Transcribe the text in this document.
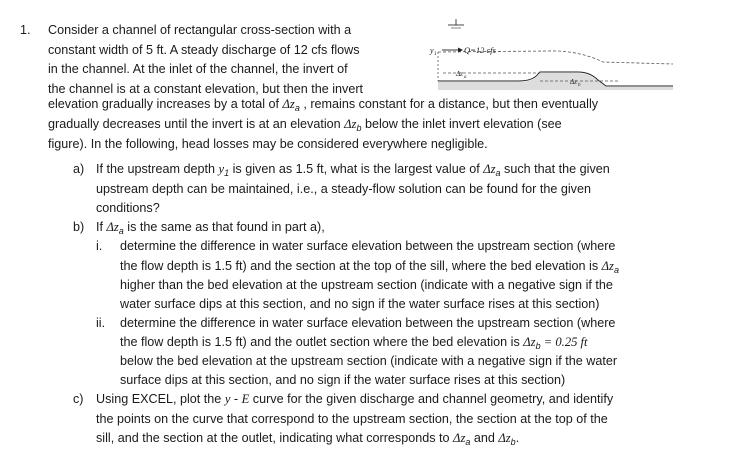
1. Consider a channel of rectangular cross-section with a
constant width of 5 ft. A steady discharge of 12 cfs flows
in the channel. At the inlet of the channel, the invert of
the channel is at a constant elevation, but then the invert
elevation gradually increases by a total of $\Delta z_a$ , remains constant for a distance, but then eventually
gradually decreases until the invert is at an elevation $\Delta z_b$ below the inlet invert elevation (see
figure). In the following, head losses may be considered everywhere negligible.
y 1	Q=12 cfs
Δz a
Δz b
a) If the upstream depth $y_1$ is given as 1.5 ft, what is the largest value of $\Delta z_a$ such that the given
upstream depth can be maintained, i.e., a steady-flow solution can be found for the given
conditions?
b) If $\Delta z_a$ is the same as that found in part a),
i. determine the difference in water surface elevation between the upstream section (where
the flow depth is 1.5 ft) and the section at the top of the sill, where the bed elevation is $\Delta z_a$
higher than the bed elevation at the upstream section (indicate with a negative sign if the
water surface dips at this section, and no sign if the water surface rises at this section)
ii. determine the difference in water surface elevation between the upstream section (where
the flow depth is 1.5 ft) and the outlet section where the bed elevation is $\Delta z_b = 0.25$ ft
below the bed elevation at the upstream section (indicate with a negative sign if the water
surface dips at this section, and no sign if the water surface rises at this section)
c) Using EXCEL, plot the y - E curve for the given discharge and channel geometry, and identify
the points on the curve that correspond to the upstream section, the section at the top of the
sill, and the section at the outlet, indicating what corresponds to $\Delta z_a$ and $\Delta z_b$.
